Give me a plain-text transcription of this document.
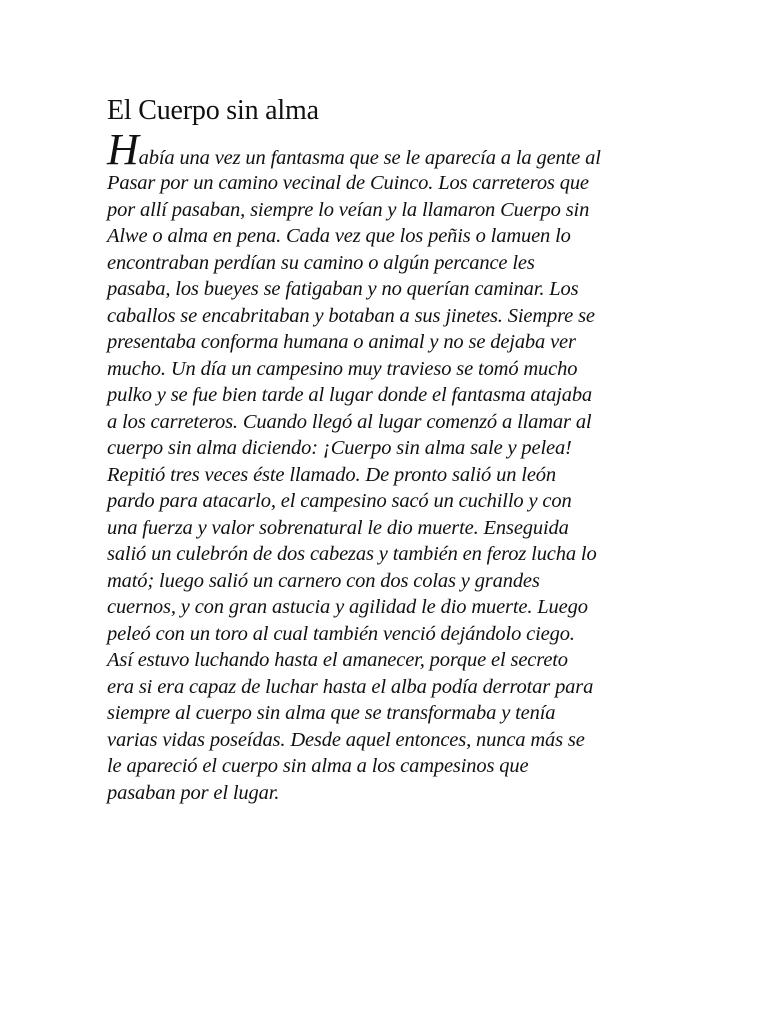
El Cuerpo sin alma
Había una vez un fantasma que se le aparecía a la gente al
Pasar por un camino vecinal de Cuinco. Los carreteros que
por allí pasaban, siempre lo veían y la llamaron Cuerpo sin
Alwe o alma en pena. Cada vez que los peñis o lamuen lo
encontraban perdían su camino o algún percance les
pasaba, los bueyes se fatigaban y no querían caminar. Los
caballos se encabritaban y botaban a sus jinetes. Siempre se
presentaba conforma humana o animal y no se dejaba ver
mucho. Un día un campesino muy travieso se tomó mucho
pulko y se fue bien tarde al lugar donde el fantasma atajaba
a los carreteros. Cuando llegó al lugar comenzó a llamar al
cuerpo sin alma diciendo: ¡Cuerpo sin alma sale y pelea!
Repitió tres veces éste llamado. De pronto salió un león
pardo para atacarlo, el campesino sacó un cuchillo y con
una fuerza y valor sobrenatural le dio muerte. Enseguida
salió un culebrón de dos cabezas y también en feroz lucha lo
mató; luego salió un carnero con dos colas y grandes
cuernos, y con gran astucia y agilidad le dio muerte. Luego
peleó con un toro al cual también venció dejándolo ciego.
Así estuvo luchando hasta el amanecer, porque el secreto
era si era capaz de luchar hasta el alba podía derrotar para
siempre al cuerpo sin alma que se transformaba y tenía
varias vidas poseídas. Desde aquel entonces, nunca más se
le apareció el cuerpo sin alma a los campesinos que
pasaban por el lugar.
